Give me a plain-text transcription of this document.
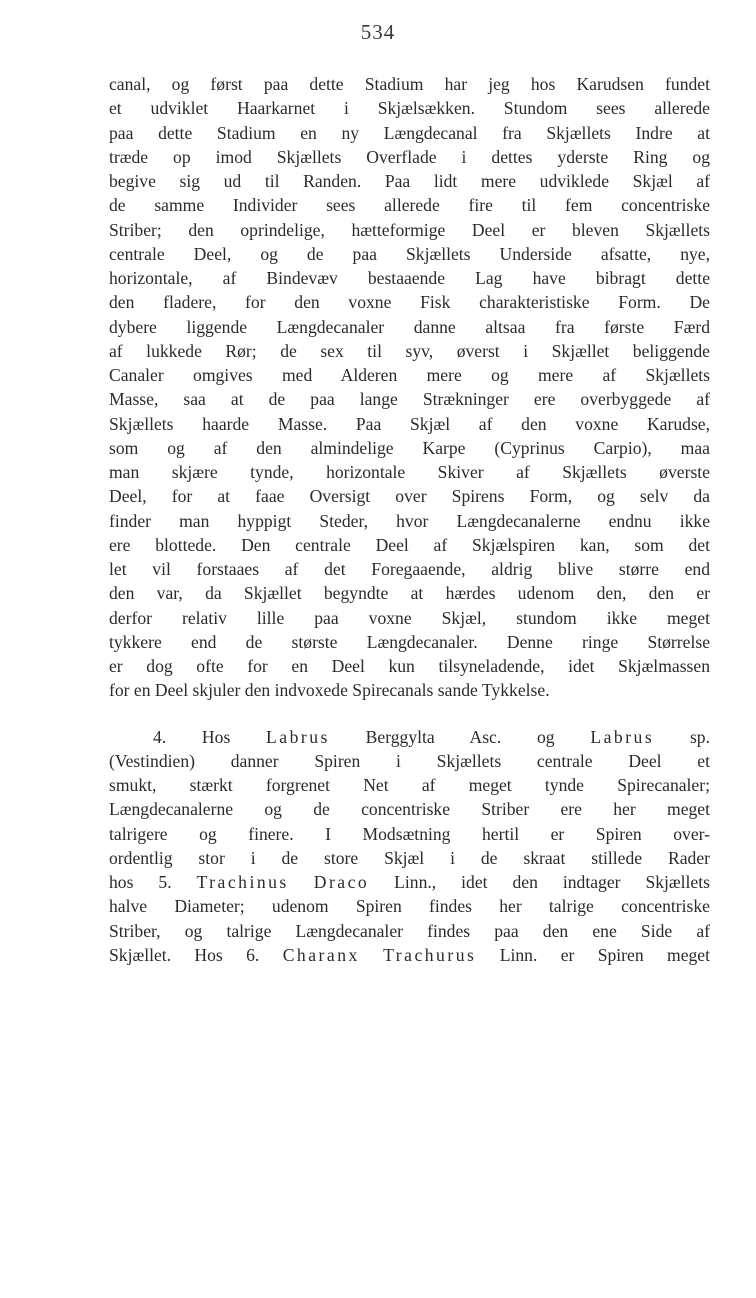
534
canal, og først paa dette Stadium har jeg hos Karudsen fundet
et udviklet Haarkarnet i Skjælsækken. Stundom sees allerede
paa dette Stadium en ny Længdecanal fra Skjællets Indre at
træde op imod Skjællets Overflade i dettes yderste Ring og
begive sig ud til Randen. Paa lidt mere udviklede Skjæl af
de samme Individer sees allerede fire til fem concentriske
Striber; den oprindelige, hætteformige Deel er bleven Skjællets
centrale Deel, og de paa Skjællets Underside afsatte, nye,
horizontale, af Bindevæv bestaaende Lag have bibragt dette
den fladere, for den voxne Fisk charakteristiske Form. De
dybere liggende Længdecanaler danne altsaa fra første Færd
af lukkede Rør; de sex til syv, øverst i Skjællet beliggende
Canaler omgives med Alderen mere og mere af Skjællets
Masse, saa at de paa lange Strækninger ere overbyggede af
Skjællets haarde Masse. Paa Skjæl af den voxne Karudse,
som og af den almindelige Karpe (Cyprinus Carpio), maa
man skjære tynde, horizontale Skiver af Skjællets øverste
Deel, for at faae Oversigt over Spirens Form, og selv da
finder man hyppigt Steder, hvor Længdecanalerne endnu ikke
ere blottede. Den centrale Deel af Skjælspiren kan, som det
let vil forstaaes af det Foregaaende, aldrig blive større end
den var, da Skjællet begyndte at hærdes udenom den, den er
derfor relativ lille paa voxne Skjæl, stundom ikke meget
tykkere end de største Længdecanaler. Denne ringe Størrelse
er dog ofte for en Deel kun tilsyneladende, idet Skjælmassen
for en Deel skjuler den indvoxede Spirecanals sande Tykkelse.
4. Hos Labrus Berggylta Asc. og Labrus sp.
(Vestindien) danner Spiren i Skjællets centrale Deel et
smukt, stærkt forgrenet Net af meget tynde Spirecanaler;
Længdecanalerne og de concentriske Striber ere her meget
talrigere og finere. I Modsætning hertil er Spiren over-
ordentlig stor i de store Skjæl i de skraat stillede Rader
hos 5. Trachinus Draco Linn., idet den indtager Skjællets
halve Diameter; udenom Spiren findes her talrige concentriske
Striber, og talrige Længdecanaler findes paa den ene Side af
Skjællet. Hos 6. Charanx Trachurus Linn. er Spiren meget
